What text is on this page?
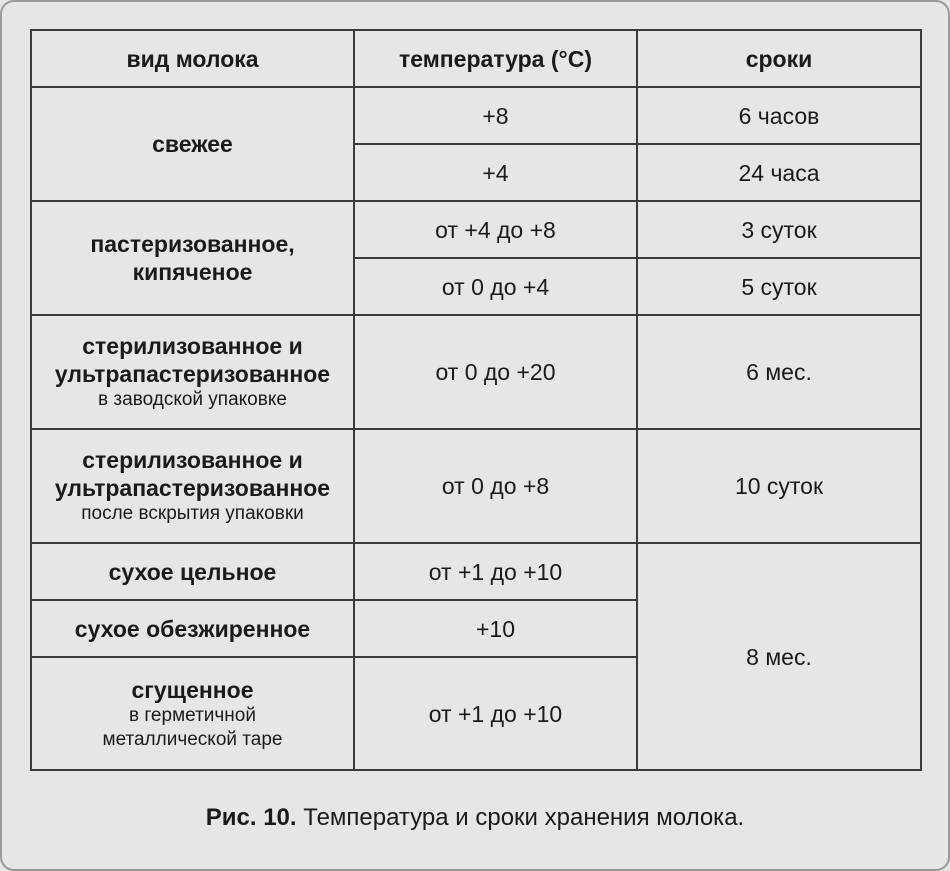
вид молока	температура (°C)	сроки

свежее	+8	6 часов
	+4	24 часа

пастеризованное,
кипяченое	от +4 до +8	3 суток
	от 0 до +4	5 суток

стерилизованное и
ультрапастеризованное
в заводской упаковке	от 0 до +20	6 мес.

стерилизованное и
ультрапастеризованное
после вскрытия упаковки	от 0 до +8	10 суток

сухое цельное	от +1 до +10	8 мес.

сухое обезжиренное	+10	

сгущенное
в герметичной
металлической таре	от +1 до +10	
Рис. 10. Температура и сроки хранения молока.
